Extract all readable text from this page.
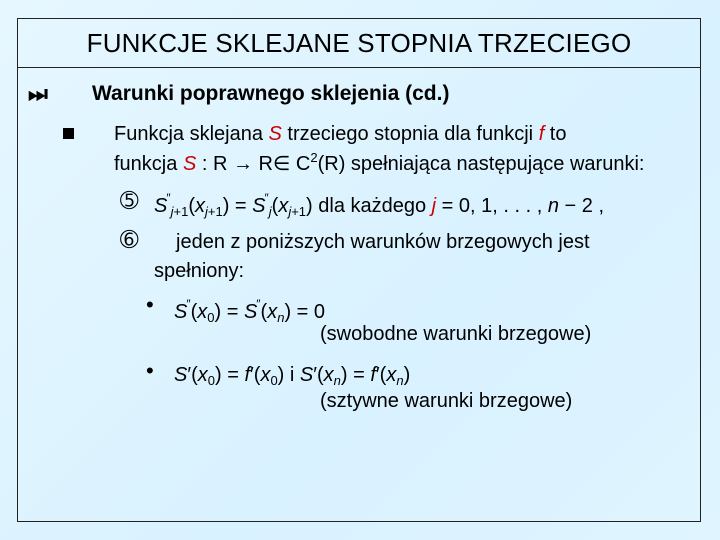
FUNKCJE SKLEJANE STOPNIA TRZECIEGO
⏭ Warunki poprawnego sklejenia (cd.)
Funkcja sklejana S trzeciego stopnia dla funkcji f to
funkcja S : R → R∈ $C^2(R)$ spełniająca następujące warunki:
➄ $S''_{j+1}(x_{j+1}) = S''_j(x_{j+1})$ dla każdego j = 0, 1, . . . , n − 2 ,
➅ jeden z poniższych warunków brzegowych jest
spełniony:
• $S''(x_0) = S''(x_n) = 0$
(swobodne warunki brzegowe)
• $S'(x_0) = f'(x_0)$ i $S'(x_n) = f'(x_n)$
(sztywne warunki brzegowe)
